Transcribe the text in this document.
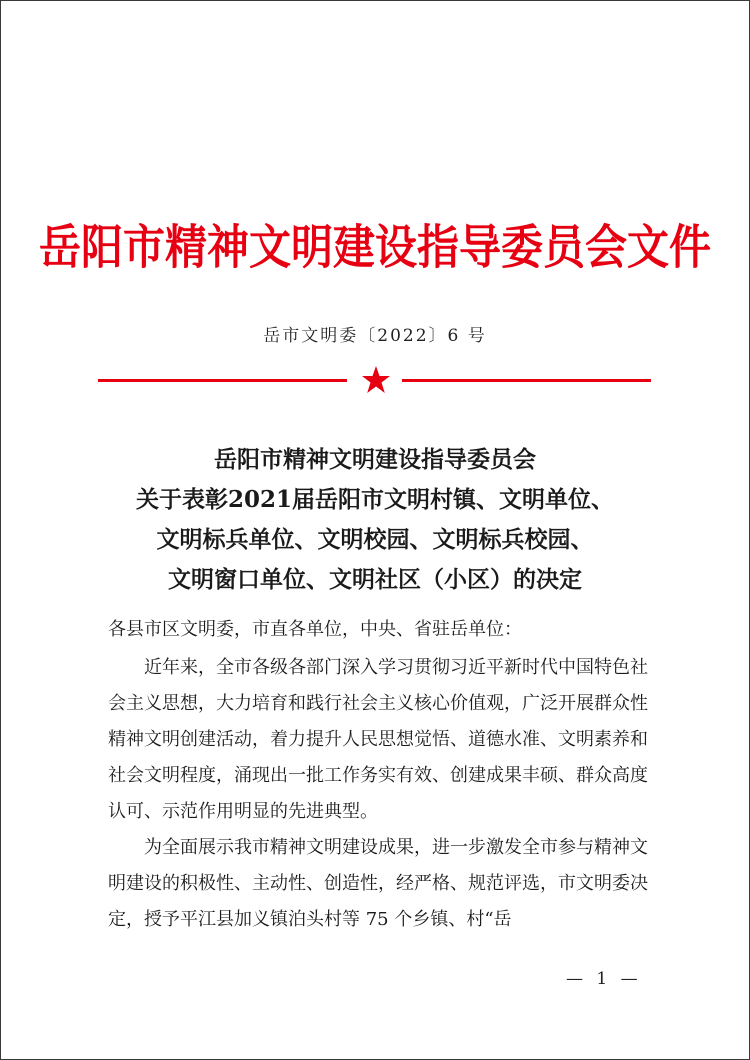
岳阳市精神文明建设指导委员会文件
岳市文明委〔2022〕6 号
岳阳市精神文明建设指导委员会
关于表彰2021届岳阳市文明村镇、文明单位、
文明标兵单位、文明校园、文明标兵校园、
文明窗口单位、文明社区（小区）的决定

各县市区文明委，市直各单位，中央、省驻岳单位：

近年来，全市各级各部门深入学习贯彻习近平新时代中国特色社会主义思想，大力培育和践行社会主义核心价值观，广泛开展群众性精神文明创建活动，着力提升人民思想觉悟、道德水准、文明素养和社会文明程度，涌现出一批工作务实有效、创建成果丰硕、群众高度认可、示范作用明显的先进典型。

为全面展示我市精神文明建设成果，进一步激发全市参与精神文明建设的积极性、主动性、创造性，经严格、规范评选，市文明委决定，授予平江县加义镇泊头村等 75 个乡镇、村“岳

— 1 —
